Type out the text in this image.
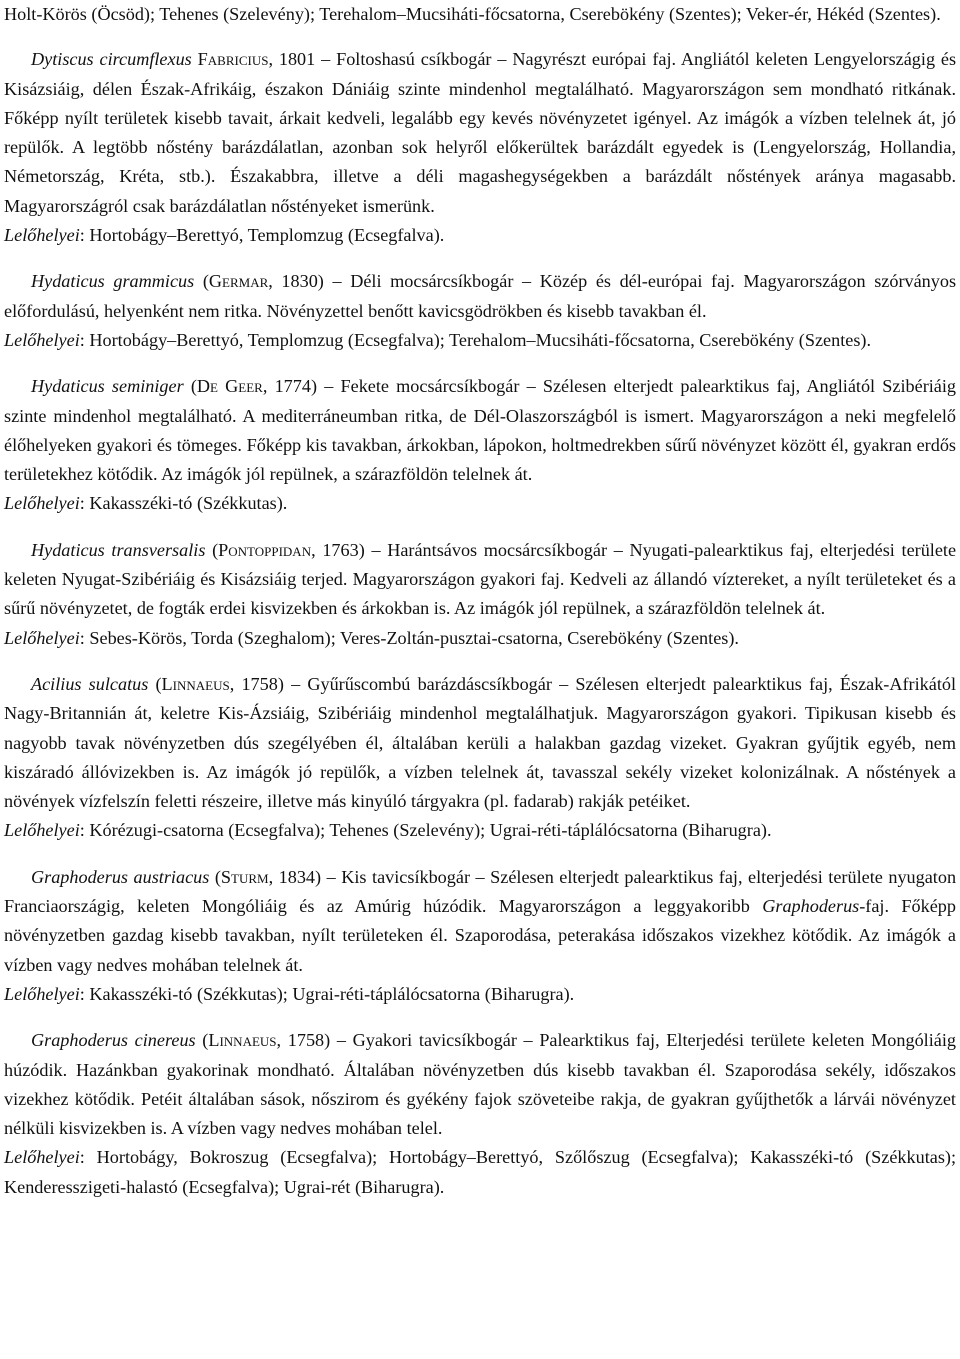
Holt-Körös (Öcsöd); Tehenes (Szelevény); Terehalom–Mucsiháti-főcsatorna, Cserebökény (Szentes); Veker-ér, Hékéd (Szentes).

Dytiscus circumflexus Fabricius, 1801 – Foltoshasú csíkbogár – Nagyrészt európai faj. Angliától keleten Lengyelországig és Kisázsiáig, délen Észak-Afrikáig, északon Dániáig szinte mindenhol megtalálható. Magyarországon sem mondható ritkának. Főképp nyílt területek kisebb tavait, árkait kedveli, legalább egy kevés növényzetet igényel. Az imágók a vízben telelnek át, jó repülők. A legtöbb nőstény barázdálatlan, azonban sok helyről előkerültek barázdált egyedek is (Lengyelország, Hollandia, Németország, Kréta, stb.). Északabbra, illetve a déli magashegységekben a barázdált nőstények aránya magasabb. Magyarországról csak barázdálatlan nőstényeket ismerünk.

Lelőhelyei: Hortobágy–Berettyó, Templomzug (Ecsegfalva).

Hydaticus grammicus (Germar, 1830) – Déli mocsárcsíkbogár – Közép és dél-európai faj. Magyarországon szórványos előfordulású, helyenként nem ritka. Növényzettel benőtt kavicsgödrökben és kisebb tavakban él.

Lelőhelyei: Hortobágy–Berettyó, Templomzug (Ecsegfalva); Terehalom–Mucsiháti-főcsatorna, Cserebökény (Szentes).

Hydaticus seminiger (De Geer, 1774) – Fekete mocsárcsíkbogár – Szélesen elterjedt palearktikus faj, Angliától Szibériáig szinte mindenhol megtalálható. A mediterráneumban ritka, de Dél-Olaszországból is ismert. Magyarországon a neki megfelelő élőhelyeken gyakori és tömeges. Főképp kis tavakban, árkokban, lápokon, holtmedrekben sűrű növényzet között él, gyakran erdős területekhez kötődik. Az imágók jól repülnek, a szárazföldön telelnek át.

Lelőhelyei: Kakasszéki-tó (Székkutas).

Hydaticus transversalis (Pontoppidan, 1763) – Harántsávos mocsárcsíkbogár – Nyugati-palearktikus faj, elterjedési területe keleten Nyugat-Szibériáig és Kisázsiáig terjed. Magyarországon gyakori faj. Kedveli az állandó víztereket, a nyílt területeket és a sűrű növényzetet, de fogták erdei kisvizekben és árkokban is. Az imágók jól repülnek, a szárazföldön telelnek át.

Lelőhelyei: Sebes-Körös, Torda (Szeghalom); Veres-Zoltán-pusztai-csatorna, Cserebökény (Szentes).

Acilius sulcatus (Linnaeus, 1758) – Gyűrűscombú barázdáscsíkbogár – Szélesen elterjedt palearktikus faj, Észak-Afrikától Nagy-Britannián át, keletre Kis-Ázsiáig, Szibériáig mindenhol megtalálhatjuk. Magyarországon gyakori. Tipikusan kisebb és nagyobb tavak növényzetben dús szegélyében él, általában kerüli a halakban gazdag vizeket. Gyakran gyűjtik egyéb, nem kiszáradó állóvizekben is. Az imágók jó repülők, a vízben telelnek át, tavasszal sekély vizeket kolonizálnak. A nőstények a növények vízfelszín feletti részeire, illetve más kinyúló tárgyakra (pl. fadarab) rakják petéiket.

Lelőhelyei: Kórézugi-csatorna (Ecsegfalva); Tehenes (Szelevény); Ugrai-réti-táplálócsatorna (Biharugra).

Graphoderus austriacus (Sturm, 1834) – Kis tavicsíkbogár – Szélesen elterjedt palearktikus faj, elterjedési területe nyugaton Franciaországig, keleten Mongóliáig és az Amúrig húzódik. Magyarországon a leggyakoribb Graphoderus-faj. Főképp növényzetben gazdag kisebb tavakban, nyílt területeken él. Szaporodása, peterakása időszakos vizekhez kötődik. Az imágók a vízben vagy nedves mohában telelnek át.

Lelőhelyei: Kakasszéki-tó (Székkutas); Ugrai-réti-táplálócsatorna (Biharugra).

Graphoderus cinereus (Linnaeus, 1758) – Gyakori tavicsíkbogár – Palearktikus faj, Elterjedési területe keleten Mongóliáig húzódik. Hazánkban gyakorinak mondható. Általában növényzetben dús kisebb tavakban él. Szaporodása sekély, időszakos vizekhez kötődik. Petéit általában sások, nőszirom és gyékény fajok szöveteibe rakja, de gyakran gyűjthetők a lárvái növényzet nélküli kisvizekben is. A vízben vagy nedves mohában telel.

Lelőhelyei: Hortobágy, Bokroszug (Ecsegfalva); Hortobágy–Berettyó, Szőlőszug (Ecsegfalva); Kakasszéki-tó (Székkutas); Kenderesszigeti-halastó (Ecsegfalva); Ugrai-rét (Biharugra).
